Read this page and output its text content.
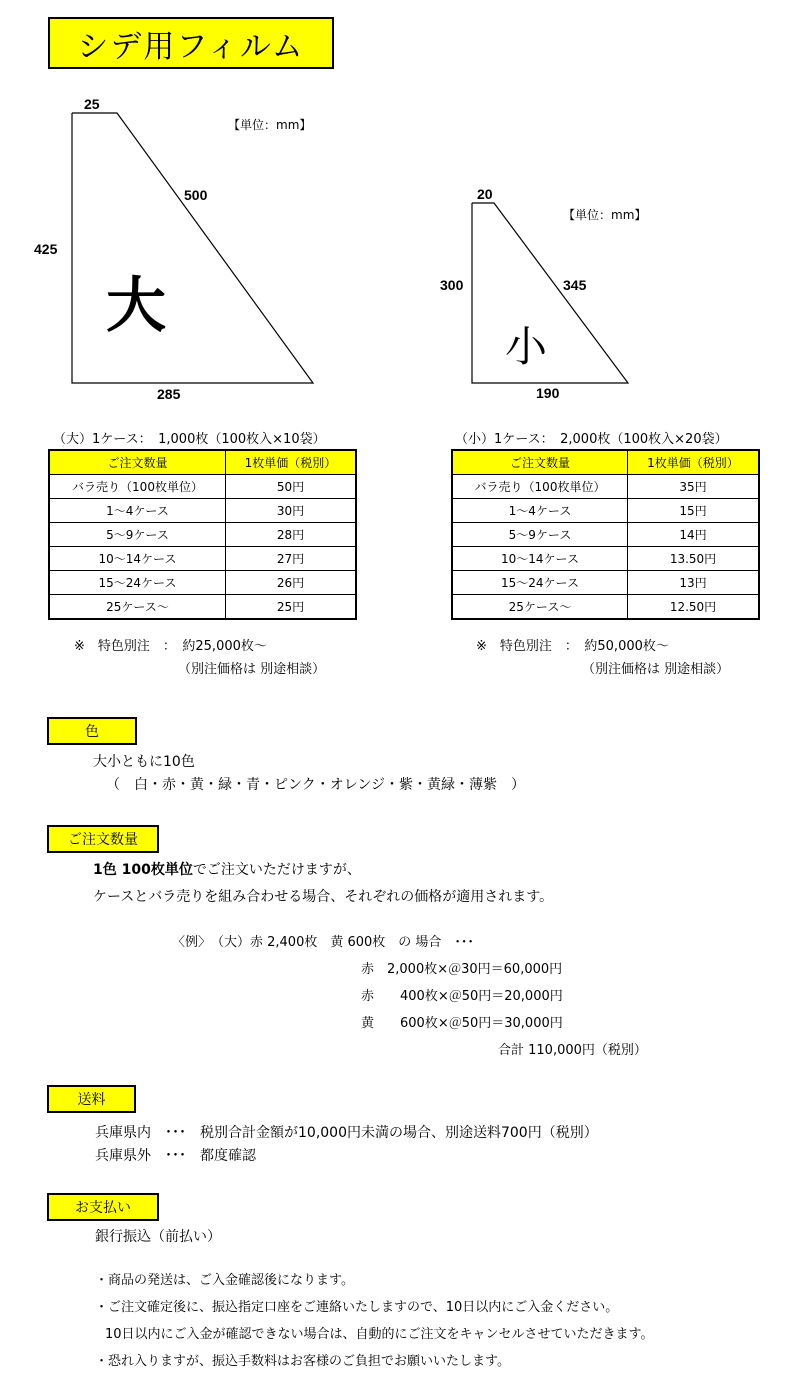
シデ用フィルム
25
【単位：mm】
500
425
大
285
20
【単位：mm】
300	345
小
190
（大）1ケース：　1,000枚（100枚入×10袋）
ご注文数量	1枚単価（税別）
バラ売り（100枚単位）	50円
1～4ケース	30円
5～9ケース	28円
10～14ケース	27円
15～24ケース	26円
25ケース～	25円
※　特色別注　：　約25,000枚～
（別注価格は 別途相談）
（小）1ケース：　2,000枚（100枚入×20袋）
ご注文数量	1枚単価（税別）
バラ売り（100枚単位）	35円
1～4ケース	15円
5～9ケース	14円
10～14ケース	13.50円
15～24ケース	13円
25ケース～	12.50円
※　特色別注　：　約50,000枚～
（別注価格は 別途相談）
色
大小ともに10色
（　白・赤・黄・緑・青・ピンク・オレンジ・紫・黄緑・薄紫　）
ご注文数量
1色 100枚単位でご注文いただけますが、
ケースとバラ売りを組み合わせる場合、それぞれの価格が適用されます。
〈例〉　（大）赤 2,400枚　黄 600枚　の 場合　･･･
赤　2,000枚×＠30円＝60,000円
赤　　400枚×＠50円＝20,000円
黄　　600枚×＠50円＝30,000円
合計 110,000円（税別）
送料
兵庫県内　･･･　税別合計金額が10,000円未満の場合、別途送料700円（税別）
兵庫県外　･･･　都度確認
お支払い
銀行振込（前払い）
・商品の発送は、ご入金確認後になります。
・ご注文確定後に、振込指定口座をご連絡いたしますので、10日以内にご入金ください。
　10日以内にご入金が確認できない場合は、自動的にご注文をキャンセルさせていただきます。
・恐れ入りますが、振込手数料はお客様のご負担でお願いいたします。
